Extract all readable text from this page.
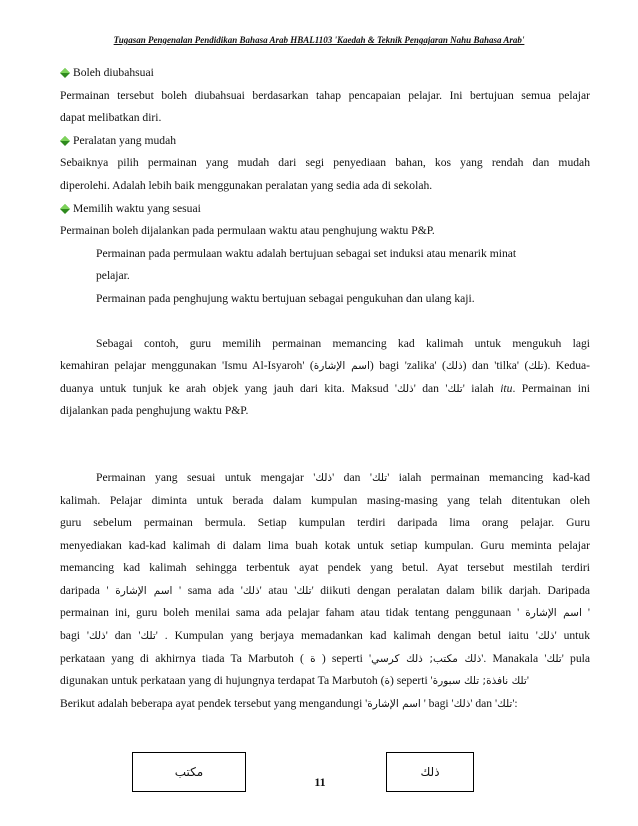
Tugasan Pengenalan Pendidikan Bahasa Arab HBAL1103 'Kaedah & Teknik Pengajaran Nahu Bahasa Arab'
Boleh diubahsuai
Permainan tersebut boleh diubahsuai berdasarkan tahap pencapaian pelajar. Ini bertujuan semua pelajar
dapat melibatkan diri.
Peralatan yang mudah
Sebaiknya pilih permainan yang mudah dari segi penyediaan bahan, kos yang rendah dan mudah
diperolehi. Adalah lebih baik menggunakan peralatan yang sedia ada di sekolah.
Memilih waktu yang sesuai
Permainan boleh dijalankan pada permulaan waktu atau penghujung waktu P&P.
Permainan pada permulaan waktu adalah bertujuan sebagai set induksi atau menarik minat
pelajar.
Permainan pada penghujung waktu bertujuan sebagai pengukuhan dan ulang kaji.
Sebagai contoh, guru memilih permainan memancing kad kalimah untuk mengukuh lagi
kemahiran pelajar menggunakan 'Ismu Al-Isyaroh' (اسم الإشارة) bagi 'zalika' (ذلك) dan 'tilka' (تلك). Kedua-
duanya untuk tunjuk ke arah objek yang jauh dari kita. Maksud 'ذلك' dan 'تلك' ialah itu. Permainan ini
dijalankan pada penghujung waktu P&P.
Permainan yang sesuai untuk mengajar 'ذلك' dan 'تلك' ialah permainan memancing kad-kad
kalimah. Pelajar diminta untuk berada dalam kumpulan masing-masing yang telah ditentukan oleh
guru sebelum permainan bermula. Setiap kumpulan terdiri daripada lima orang pelajar. Guru
menyediakan kad-kad kalimah di dalam lima buah kotak untuk setiap kumpulan. Guru meminta pelajar
memancing kad kalimah sehingga terbentuk ayat pendek yang betul. Ayat tersebut mestilah terdiri
daripada ' اسم الإشارة ' sama ada 'ذلك' atau 'تلك' diikuti dengan peralatan dalam bilik darjah. Daripada
permainan ini, guru boleh menilai sama ada pelajar faham atau tidak tentang penggunaan ' اسم الإشارة '
bagi 'ذلك' dan 'تلك' . Kumpulan yang berjaya memadankan kad kalimah dengan betul iaitu 'ذلك' untuk
perkataan yang di akhirnya tiada Ta Marbutoh ( ة ) seperti 'ذلك مكتب; ذلك كرسي'. Manakala 'تلك' pula
digunakan untuk perkataan yang di hujungnya terdapat Ta Marbutoh (ة) seperti 'تلك نافذة; تلك سبورة'
Berikut adalah beberapa ayat pendek tersebut yang mengandungi 'اسم الإشارة ' bagi 'ذلك' dan 'تلك':
مكتب
11
ذلك
